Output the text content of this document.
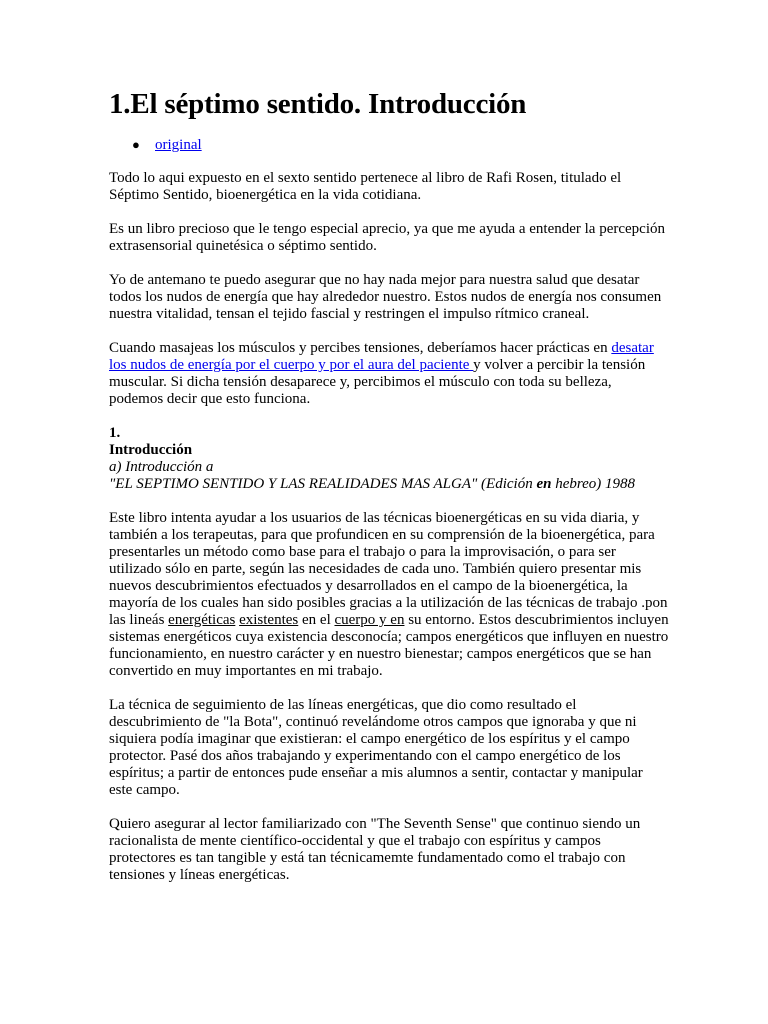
1.El séptimo sentido. Introducción
● original

Todo lo aqui expuesto en el sexto sentido pertenece al libro de Rafi Rosen, titulado el Séptimo Sentido, bioenergética en la vida cotidiana.

Es un libro precioso que le tengo especial aprecio, ya que me ayuda a entender la percepción extrasensorial quinetésica o séptimo sentido.

Yo de antemano te puedo asegurar que no hay nada mejor para nuestra salud que desatar todos los nudos de energía que hay alrededor nuestro. Estos nudos de energía nos consumen nuestra vitalidad, tensan el tejido fascial y restringen el impulso rítmico craneal.

Cuando masajeas los músculos y percibes tensiones, deberíamos hacer prácticas en desatar los nudos de energía por el cuerpo y por el aura del paciente y volver a percibir la tensión muscular. Si dicha tensión desaparece y, percibimos el músculo con toda su belleza, podemos decir que esto funciona.

1.
Introducción
a) Introducción a
"EL SEPTIMO SENTIDO Y LAS REALIDADES MAS ALGA" (Edición en hebreo) 1988

Este libro intenta ayudar a los usuarios de las técnicas bioenergéticas en su vida diaria, y también a los terapeutas, para que profundicen en su comprensión de la bioenergética, para presentarles un método como base para el trabajo o para la improvisación, o para ser utilizado sólo en parte, según las necesidades de cada uno. También quiero presentar mis nuevos descubrimientos efectuados y desarrollados en el campo de la bioenergética, la mayoría de los cuales han sido posibles gracias a la utilización de las técnicas de trabajo .pon las lineás energéticas existentes en el cuerpo y en su entorno. Estos descubrimientos incluyen sistemas energéticos cuya existencia desconocía; campos energéticos que influyen en nuestro funcionamiento, en nuestro carácter y en nuestro bienestar; campos energéticos que se han convertido en muy importantes en mi trabajo.

La técnica de seguimiento de las líneas energéticas, que dio como resultado el descubrimiento de "la Bota", continuó revelándome otros campos que ignoraba y que ni siquiera podía imaginar que existieran: el campo energético de los espíritus y el campo protector. Pasé dos años trabajando y experimentando con el campo energético de los espíritus; a partir de entonces pude enseñar a mis alumnos a sentir, contactar y manipular este campo.

Quiero asegurar al lector familiarizado con "The Seventh Sense" que continuo siendo un racionalista de mente científico-occidental y que el trabajo con espíritus y campos protectores es tan tangible y está tan técnicamemte fundamentado como el trabajo con tensiones y líneas energéticas.
